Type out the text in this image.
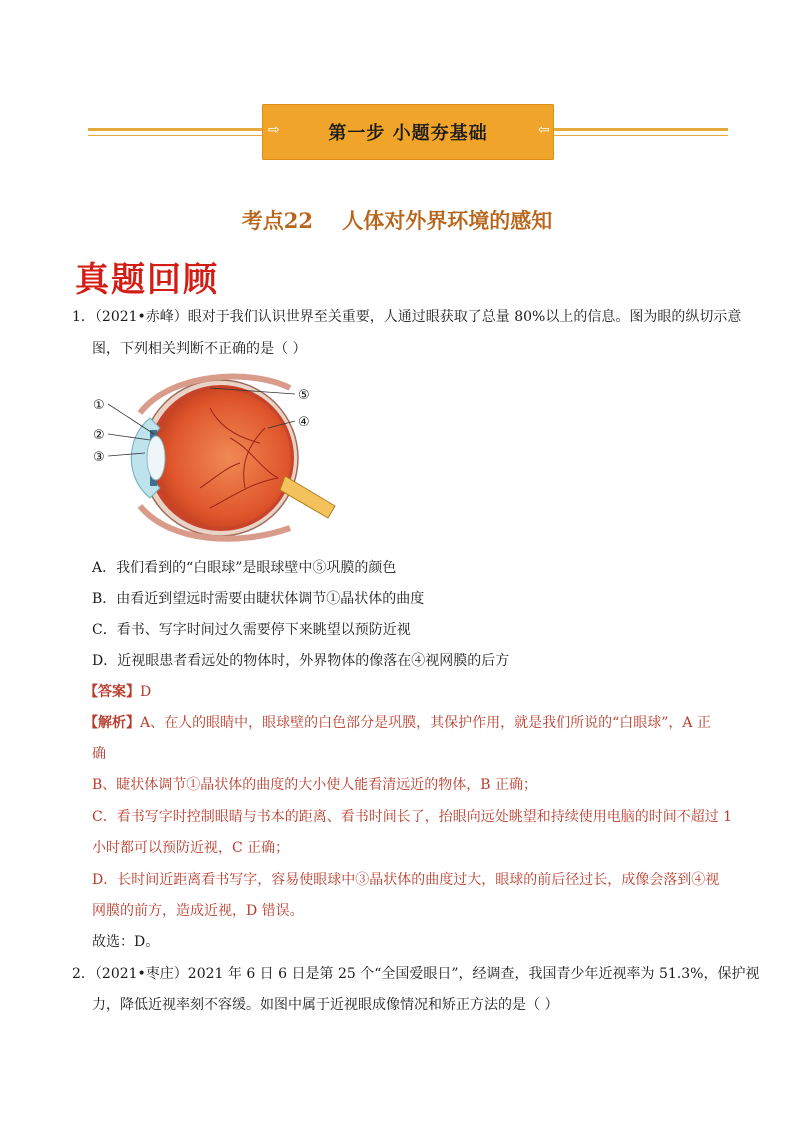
第一步 小题夯基础
⇨	⇦
考点22    人体对外界环境的感知
真题回顾
1．（2021•赤峰）眼对于我们认识世界至关重要，人通过眼获取了总量 80%以上的信息。图为眼的纵切示意
图，下列相关判断不正确的是（ ）
①
②
③
④
⑤
A．我们看到的“白眼球”是眼球壁中⑤巩膜的颜色
B．由看近到望远时需要由睫状体调节①晶状体的曲度
C．看书、写字时间过久需要停下来眺望以预防近视
D．近视眼患者看远处的物体时，外界物体的像落在④视网膜的后方
【答案】D
【解析】A、在人的眼睛中，眼球壁的白色部分是巩膜，其保护作用，就是我们所说的“白眼球”，A 正
确
B、睫状体调节①晶状体的曲度的大小使人能看清远近的物体，B 正确；
C．看书写字时控制眼睛与书本的距离、看书时间长了，抬眼向远处眺望和持续使用电脑的时间不超过 1
小时都可以预防近视，C 正确；
D．长时间近距离看书写字，容易使眼球中③晶状体的曲度过大，眼球的前后径过长，成像会落到④视
网膜的前方，造成近视，D 错误。
故选：D。
2．（2021•枣庄）2021 年 6 日 6 日是第 25 个“全国爱眼日”，经调查，我国青少年近视率为 51.3%，保护视
力，降低近视率刻不容缓。如图中属于近视眼成像情况和矫正方法的是（ ）
